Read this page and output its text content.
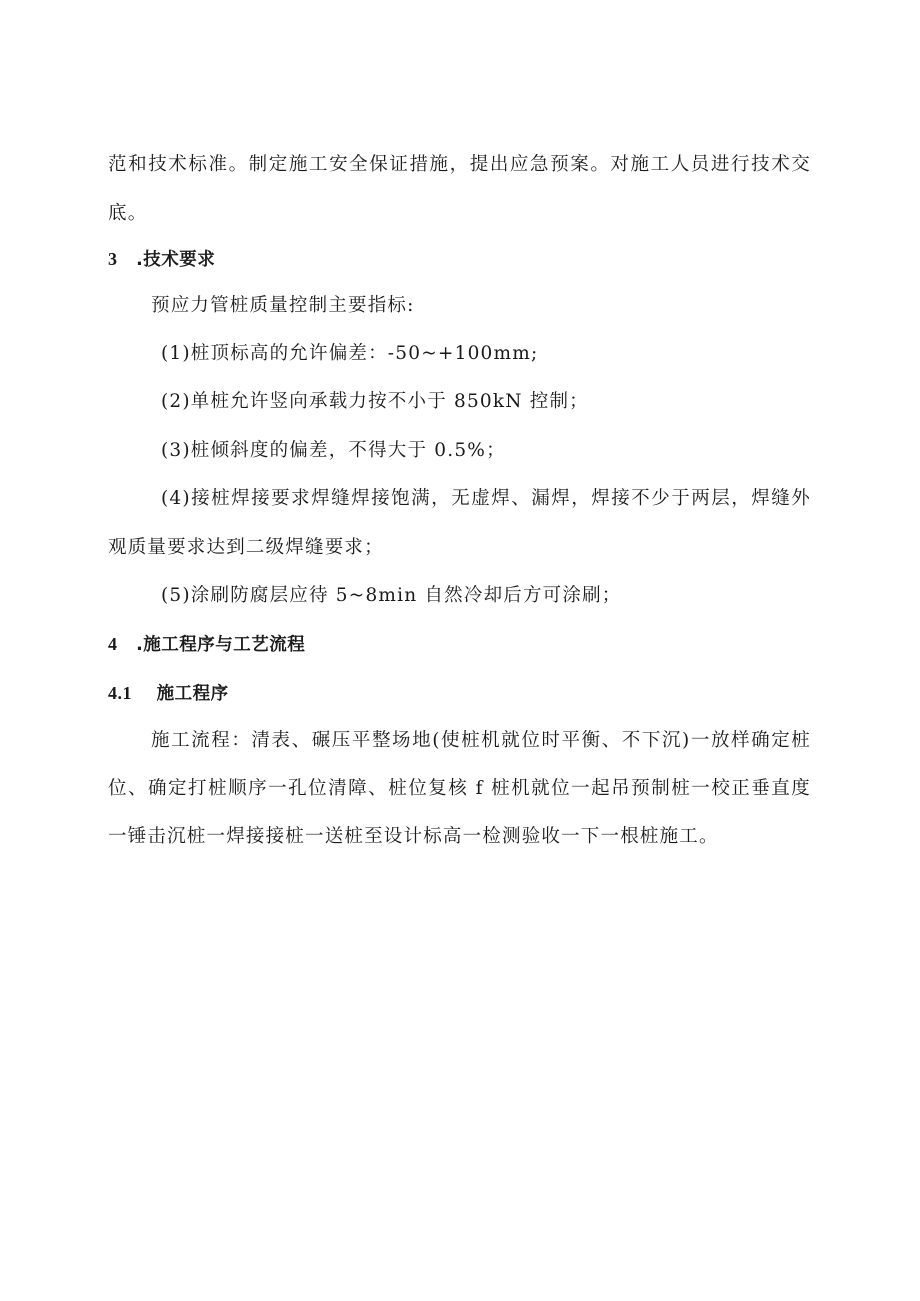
范和技术标准。制定施工安全保证措施，提出应急预案。对施工人员进行技术交
底。
3 .技术要求
预应力管桩质量控制主要指标:
(1)桩顶标高的允许偏差：-50~+100mm;
(2)单桩允许竖向承载力按不小于 850kN 控制；
(3)桩倾斜度的偏差，不得大于 0.5%；
(4)接桩焊接要求焊缝焊接饱满，无虚焊、漏焊，焊接不少于两层，焊缝外
观质量要求达到二级焊缝要求；
(5)涂刷防腐层应待 5~8min 自然冷却后方可涂刷；
4 .施工程序与工艺流程
4.1 施工程序
施工流程：清表、碾压平整场地(使桩机就位时平衡、不下沉)一放样确定桩
位、确定打桩顺序一孔位清障、桩位复核 f 桩机就位一起吊预制桩一校正垂直度
一锤击沉桩一焊接接桩一送桩至设计标高一检测验收一下一根桩施工。
